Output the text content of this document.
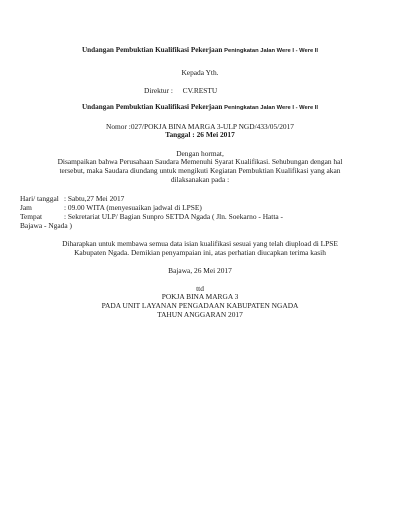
Undangan Pembuktian Kualifikasi Pekerjaan Peningkatan Jalan Were I - Were II
Kepada Yth.
Direktur : CV.RESTU
Undangan Pembuktian Kualifikasi Pekerjaan Peningkatan Jalan Were I - Were II
Nomor :027/POKJA BINA MARGA 3-ULP NGD/433/05/2017
Tanggal : 26 Mei 2017
Dengan hormat,
Disampaikan bahwa Perusahaan Saudara Memenuhi Syarat Kualifikasi. Sehubungan dengan hal
tersebut, maka Saudara diundang untuk mengikuti Kegiatan Pembuktian Kualifikasi yang akan
dilaksanakan pada :
Hari/ tanggal : Sabtu,27 Mei 2017
Jam	: 09.00 WITA (menyesuaikan jadwal di LPSE)
Tempat	: Sekretariat ULP/ Bagian Sunpro SETDA Ngada ( Jln. Soekarno - Hatta -
Bajawa - Ngada )
Diharapkan untuk membawa semua data isian kualifikasi sesuai yang telah diupload di LPSE
Kabupaten Ngada. Demikian penyampaian ini, atas perhatian diucapkan terima kasih
Bajawa, 26 Mei 2017
ttd
POKJA BINA MARGA 3
PADA UNIT LAYANAN PENGADAAN KABUPATEN NGADA
TAHUN ANGGARAN 2017
